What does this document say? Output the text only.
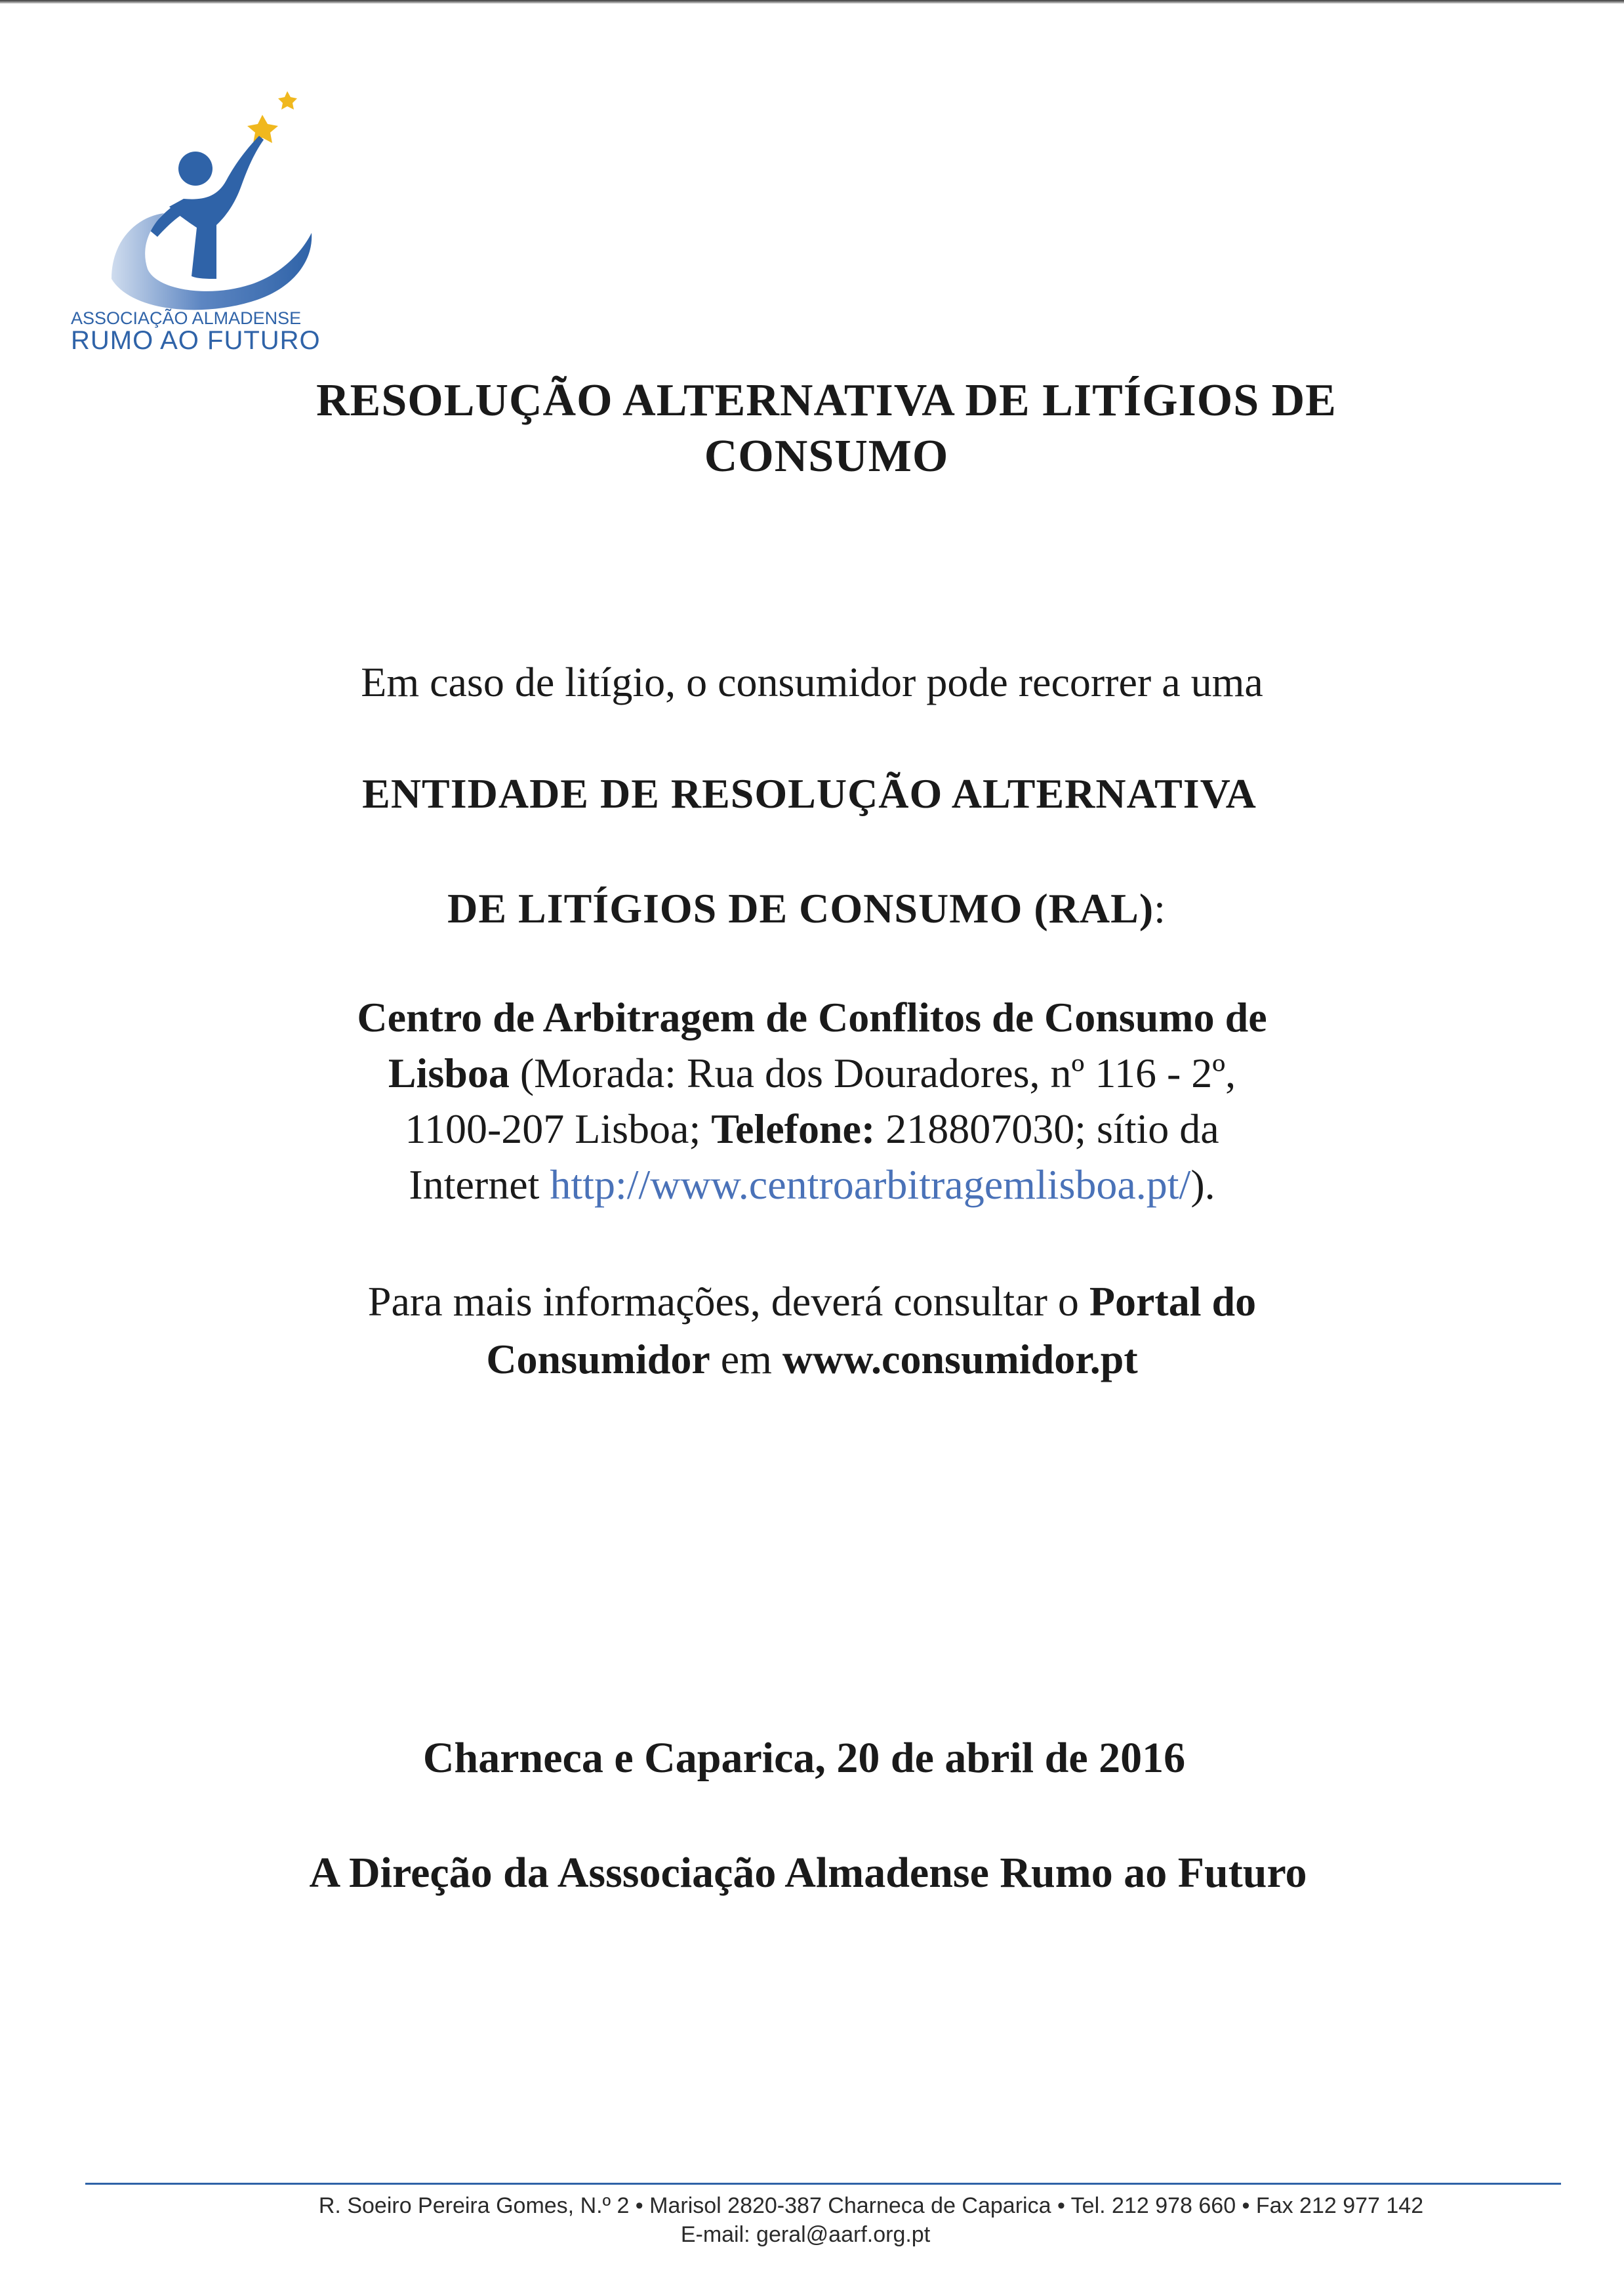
ASSOCIAÇÃO ALMADENSE
RUMO AO FUTURO
RESOLUÇÃO ALTERNATIVA DE LITÍGIOS DE
CONSUMO
Em caso de litígio, o consumidor pode recorrer a uma
ENTIDADE DE RESOLUÇÃO ALTERNATIVA
DE LITÍGIOS DE CONSUMO (RAL):
Centro de Arbitragem de Conflitos de Consumo de
Lisboa (Morada: Rua dos Douradores, nº 116 - 2º,
1100-207 Lisboa; Telefone: 218807030; sítio da
Internet http://www.centroarbitragemlisboa.pt/).
Para mais informações, deverá consultar o Portal do
Consumidor em www.consumidor.pt
Charneca e Caparica, 20 de abril de 2016
A Direção da Asssociação Almadense Rumo ao Futuro
R. Soeiro Pereira Gomes, N.º 2 • Marisol 2820-387 Charneca de Caparica • Tel. 212 978 660 • Fax 212 977 142
E-mail: geral@aarf.org.pt
